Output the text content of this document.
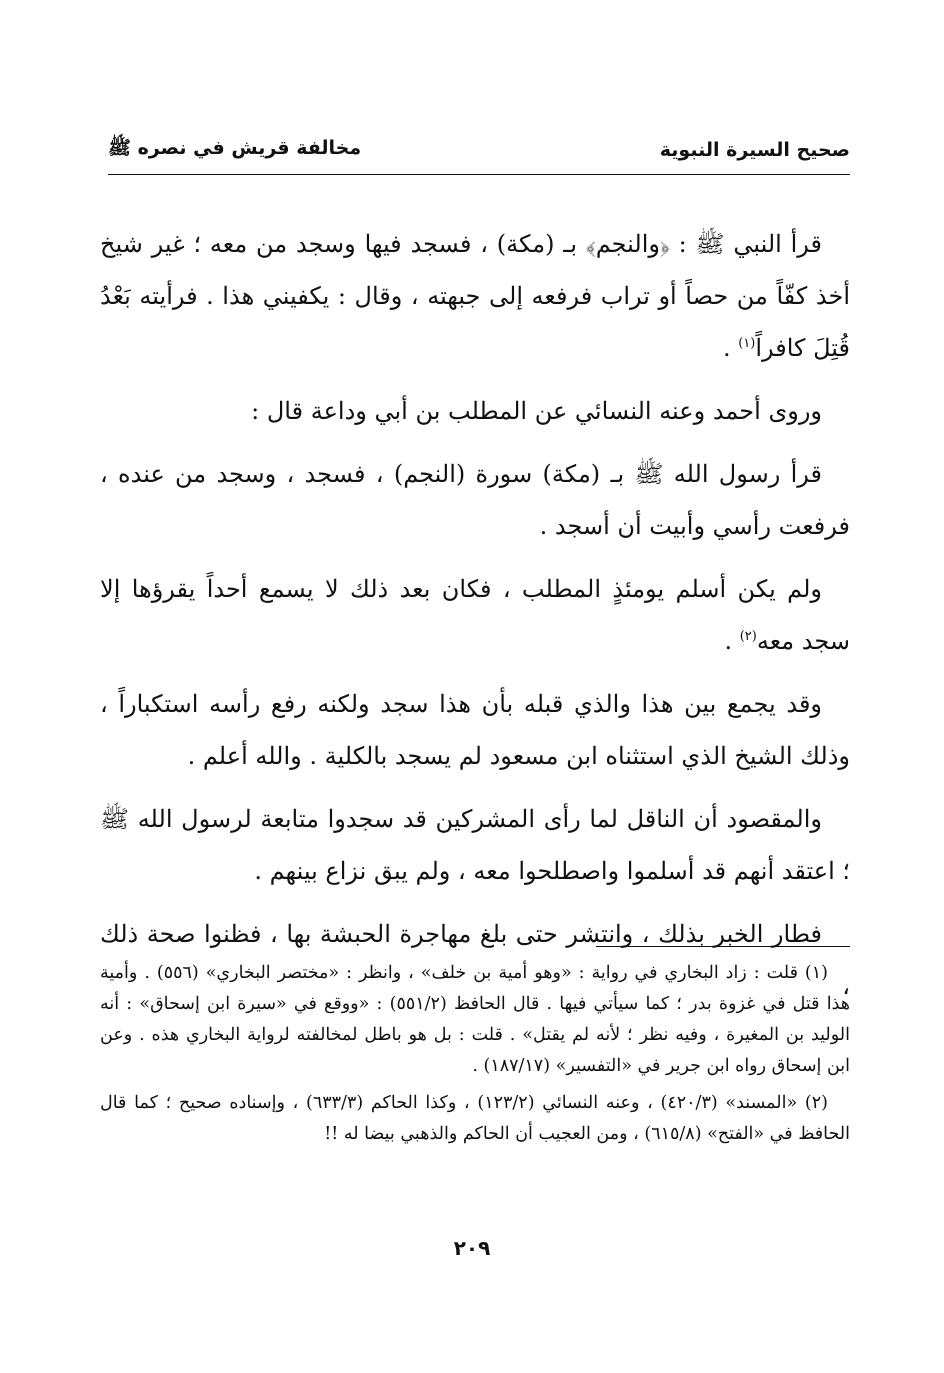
صحيح السيرة النبوية
مخالفة قريش في نصره ﷺ

قرأ النبي ﷺ : ﴿والنجم﴾ بـ (مكة) ، فسجد فيها وسجد من معه ؛ غير شيخ أخذ كفّاً من حصاً أو تراب فرفعه إلى جبهته ، وقال : يكفيني هذا . فرأيته بَعْدُ قُتِلَ كافراً$^{(١)}$ .

وروى أحمد وعنه النسائي عن المطلب بن أبي وداعة قال :

قرأ رسول الله ﷺ بـ (مكة) سورة (النجم) ، فسجد ، وسجد من عنده ، فرفعت رأسي وأبيت أن أسجد .

ولم يكن أسلم يومئذٍ المطلب ، فكان بعد ذلك لا يسمع أحداً يقرؤها إلا سجد معه$^{(٢)}$ .

وقد يجمع بين هذا والذي قبله بأن هذا سجد ولكنه رفع رأسه استكباراً ، وذلك الشيخ الذي استثناه ابن مسعود لم يسجد بالكلية . والله أعلم .

والمقصود أن الناقل لما رأى المشركين قد سجدوا متابعة لرسول الله ﷺ ؛ اعتقد أنهم قد أسلموا واصطلحوا معه ، ولم يبق نزاع بينهم .

فطار الخبر بذلك ، وانتشر حتى بلغ مهاجرة الحبشة بها ، فظنوا صحة ذلك ،

(١) قلت : زاد البخاري في رواية : «وهو أمية بن خلف» ، وانظر : «مختصر البخاري» (٥٥٦) . وأمية هذا قتل في غزوة بدر ؛ كما سيأتي فيها . قال الحافظ (٥٥١/٢) : «ووقع في «سيرة ابن إسحاق» : أنه الوليد بن المغيرة ، وفيه نظر ؛ لأنه لم يقتل» . قلت : بل هو باطل لمخالفته لرواية البخاري هذه . وعن ابن إسحاق رواه ابن جرير في «التفسير» (١٨٧/١٧) .

(٢) «المسند» (٤٢٠/٣) ، وعنه النسائي (١٢٣/٢) ، وكذا الحاكم (٦٣٣/٣) ، وإسناده صحيح ؛ كما قال الحافظ في «الفتح» (٦١٥/٨) ، ومن العجيب أن الحاكم والذهبي بيضا له !!

٢٠٩
